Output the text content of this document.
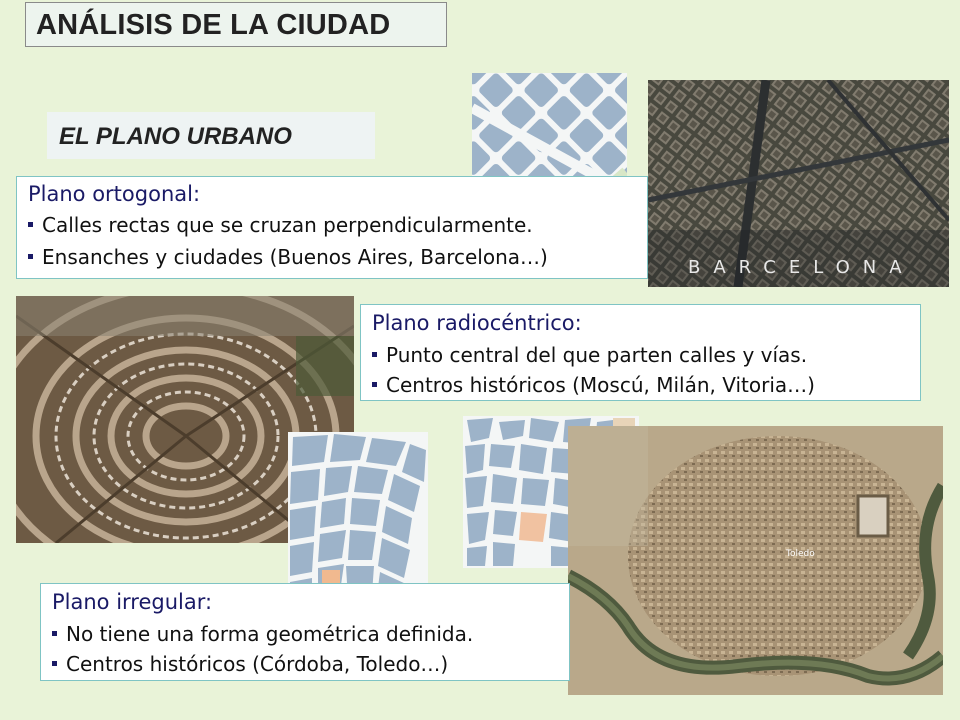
ANÁLISIS DE LA CIUDAD
EL PLANO URBANO
BARCELONA
Plano ortogonal:
Calles rectas que se cruzan perpendicularmente.
Ensanches y ciudades (Buenos Aires, Barcelona…)
Plano radiocéntrico:
Punto central del que parten calles y vías.
Centros históricos (Moscú, Milán, Vitoria…)
Toledo
Plano irregular:
No tiene una forma geométrica definida.
Centros históricos (Córdoba, Toledo…)
